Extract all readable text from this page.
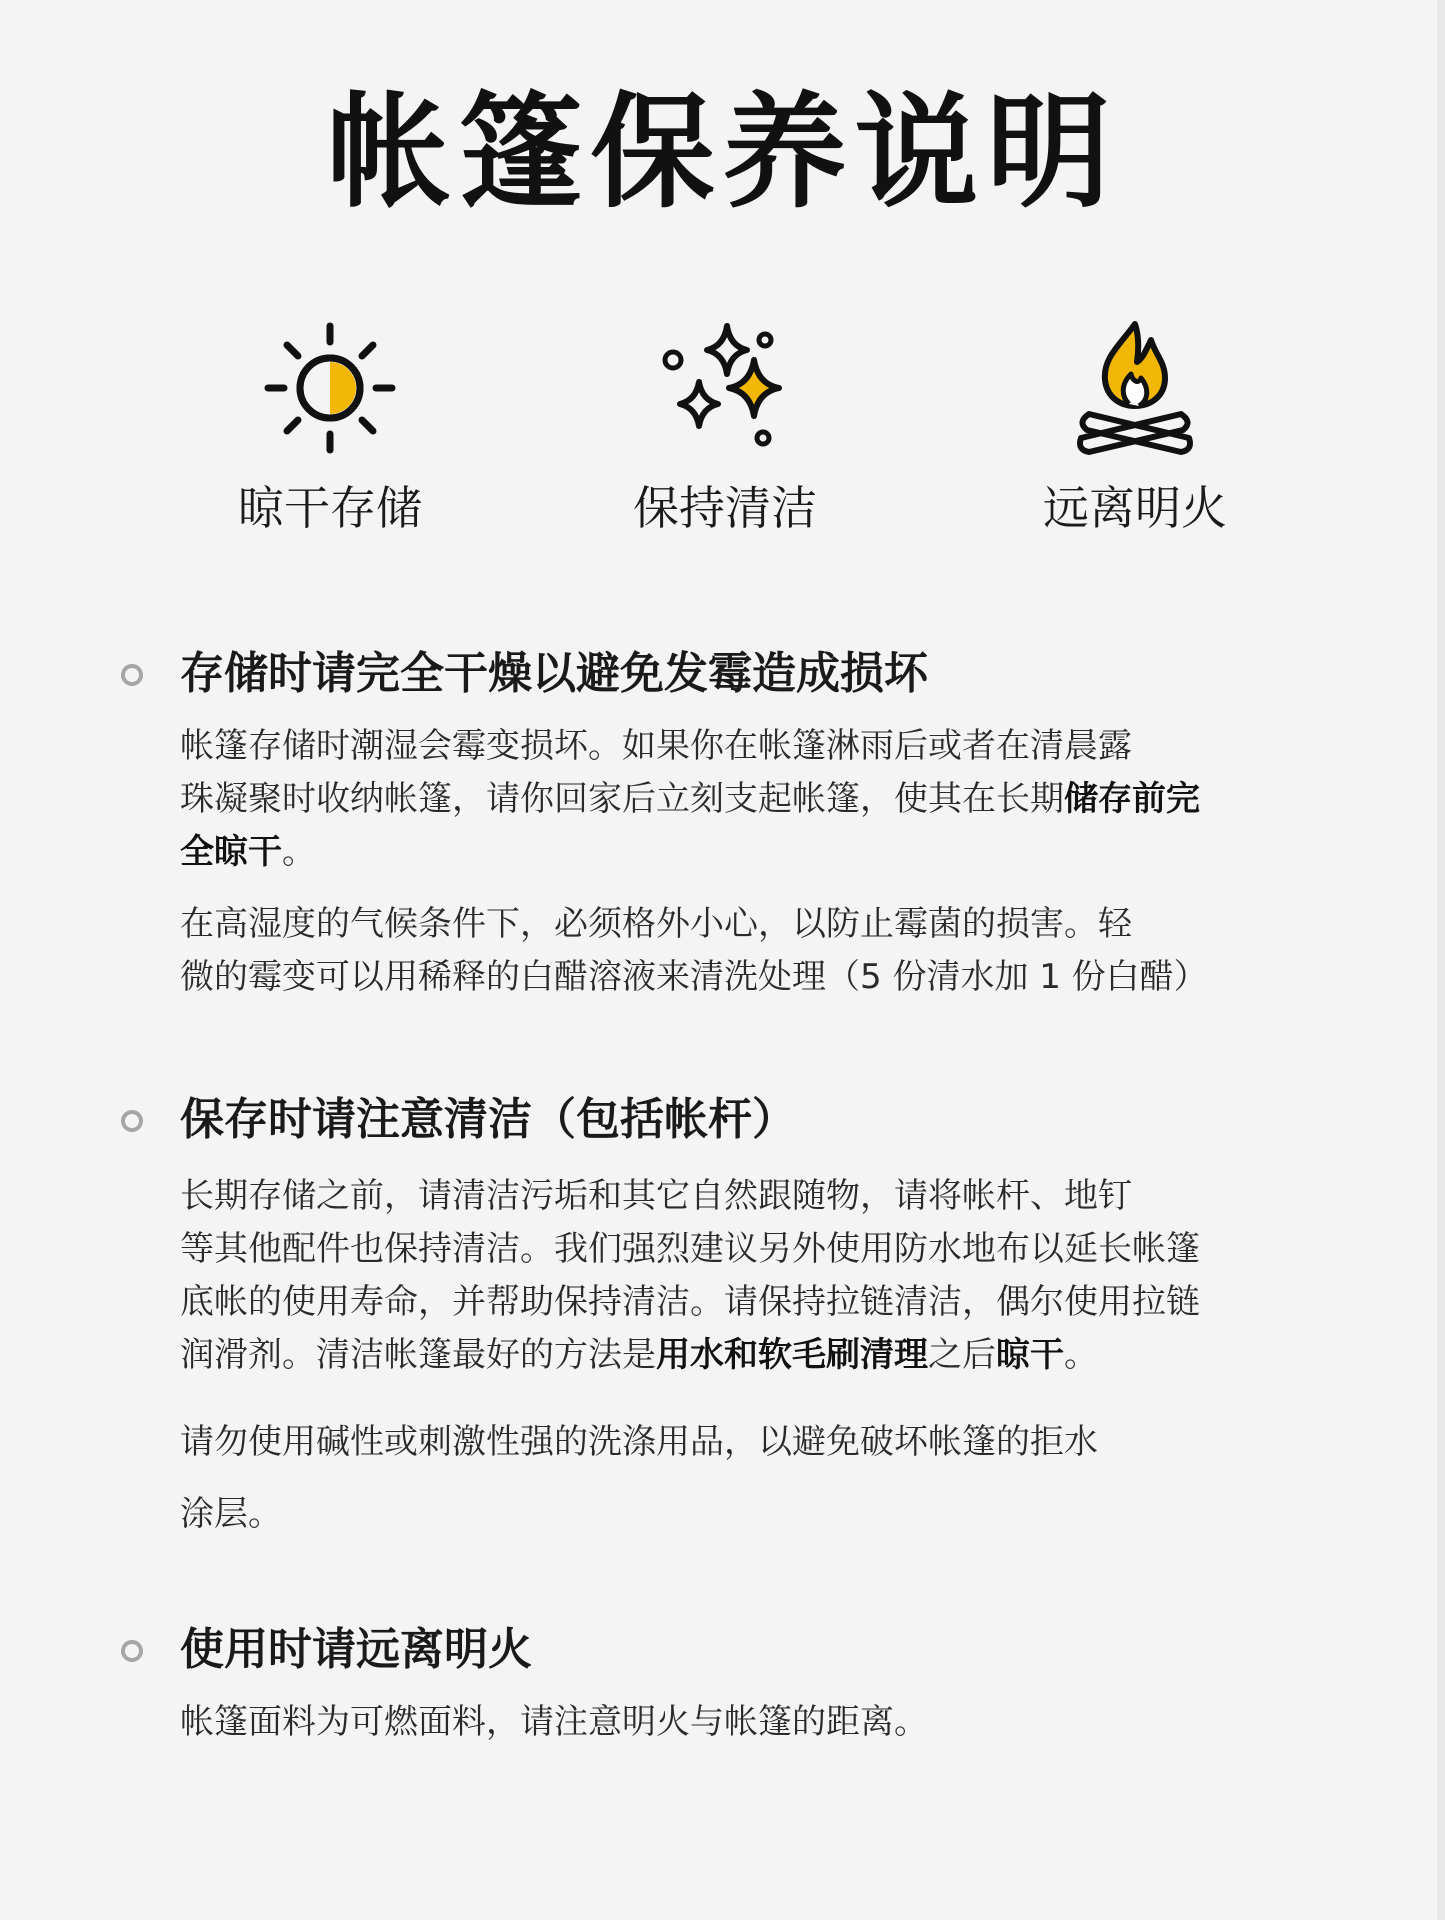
帐篷保养说明
晾干存储	保持清洁	远离明火
存储时请完全干燥以避免发霉造成损坏

帐篷存储时潮湿会霉变损坏。如果你在帐篷淋雨后或者在清晨露
珠凝聚时收纳帐篷，请你回家后立刻支起帐篷，使其在长期储存前完
全晾干。

在高湿度的气候条件下，必须格外小心，以防止霉菌的损害。轻
微的霉变可以用稀释的白醋溶液来清洗处理（5 份清水加 1 份白醋）

保存时请注意清洁（包括帐杆）

长期存储之前，请清洁污垢和其它自然跟随物，请将帐杆、地钉
等其他配件也保持清洁。我们强烈建议另外使用防水地布以延长帐篷
底帐的使用寿命，并帮助保持清洁。请保持拉链清洁，偶尔使用拉链
润滑剂。清洁帐篷最好的方法是用水和软毛刷清理之后晾干。

请勿使用碱性或刺激性强的洗涤用品，以避免破坏帐篷的拒水
涂层。

使用时请远离明火

帐篷面料为可燃面料，请注意明火与帐篷的距离。
